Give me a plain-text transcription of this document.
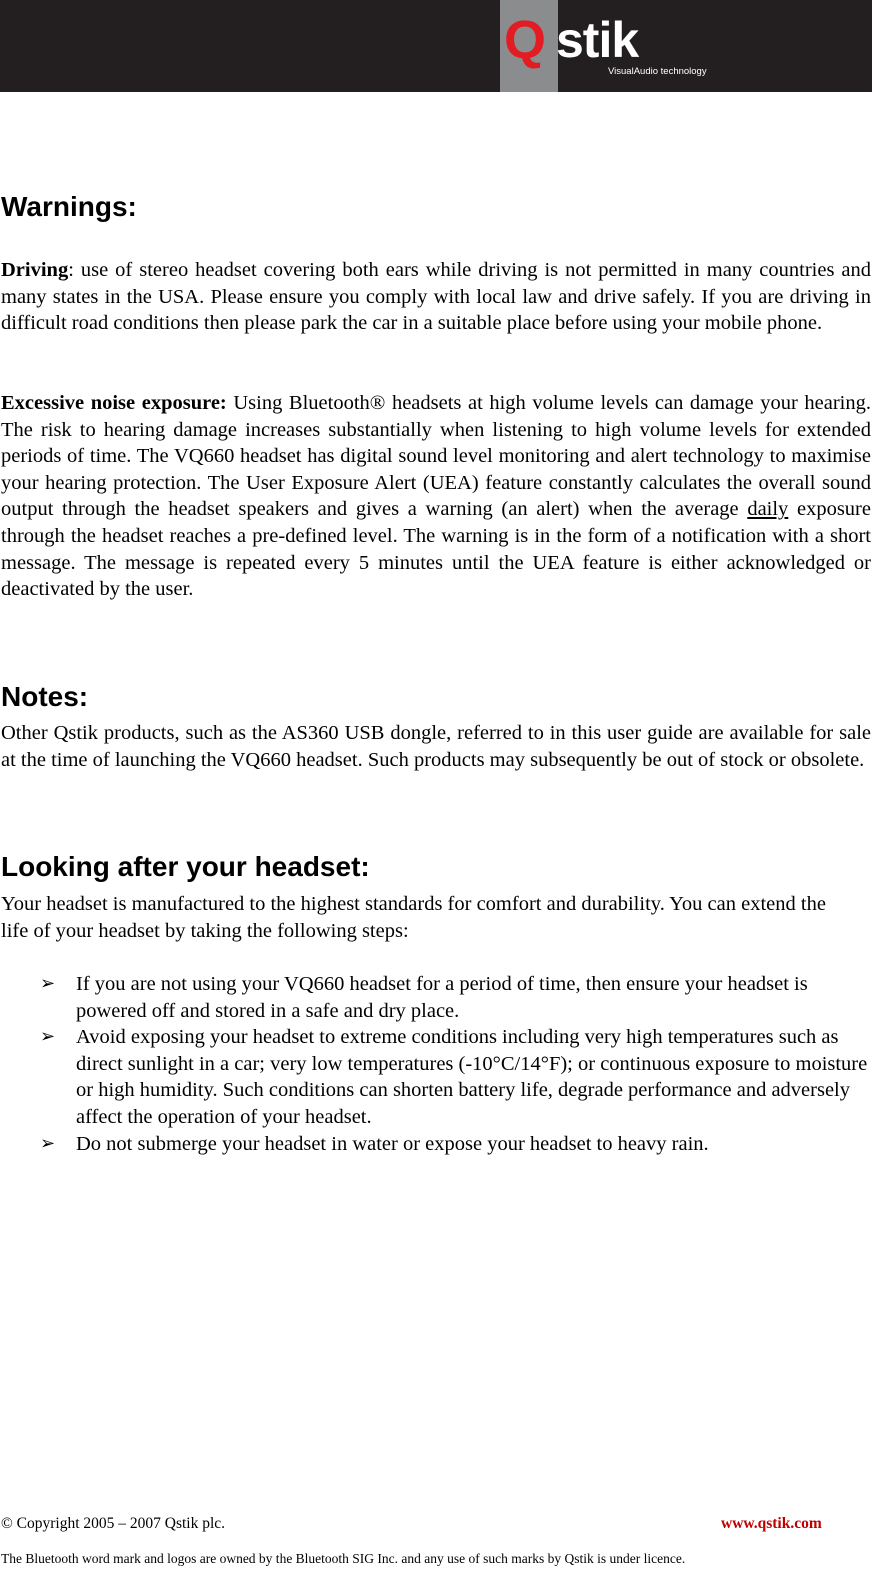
Q stik
VisualAudio technology
Warnings:

Driving: use of stereo headset covering both ears while driving is not permitted in many countries and many states in the USA. Please ensure you comply with local law and drive safely. If you are driving in difficult road conditions then please park the car in a suitable place before using your mobile phone.

Excessive noise exposure: Using Bluetooth® headsets at high volume levels can damage your hearing. The risk to hearing damage increases substantially when listening to high volume levels for extended periods of time. The VQ660 headset has digital sound level monitoring and alert technology to maximise your hearing protection. The User Exposure Alert (UEA) feature constantly calculates the overall sound output through the headset speakers and gives a warning (an alert) when the average daily exposure through the headset reaches a pre-defined level. The warning is in the form of a notification with a short message. The message is repeated every 5 minutes until the UEA feature is either acknowledged or deactivated by the user.

Notes:

Other Qstik products, such as the AS360 USB dongle, referred to in this user guide are available for sale at the time of launching the VQ660 headset. Such products may subsequently be out of stock or obsolete.

Looking after your headset:

Your headset is manufactured to the highest standards for comfort and durability. You can extend the life of your headset by taking the following steps:

➢ If you are not using your VQ660 headset for a period of time, then ensure your headset is powered off and stored in a safe and dry place.
➢ Avoid exposing your headset to extreme conditions including very high temperatures such as direct sunlight in a car; very low temperatures (-10°C/14°F); or continuous exposure to moisture or high humidity. Such conditions can shorten battery life, degrade performance and adversely affect the operation of your headset.
➢ Do not submerge your headset in water or expose your headset to heavy rain.
© Copyright 2005 – 2007 Qstik plc.	www.qstik.com
The Bluetooth word mark and logos are owned by the Bluetooth SIG Inc. and any use of such marks by Qstik is under licence.
